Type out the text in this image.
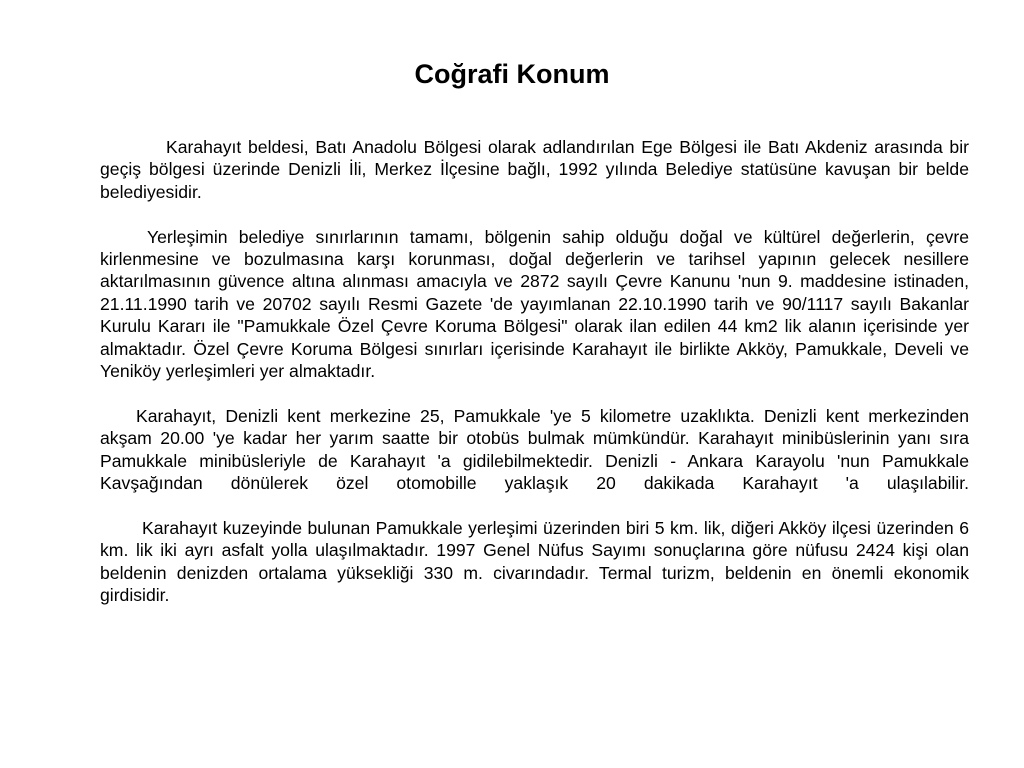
Coğrafi Konum

Karahayıt beldesi, Batı Anadolu Bölgesi olarak adlandırılan Ege Bölgesi ile Batı Akdeniz arasında bir geçiş bölgesi üzerinde Denizli İli, Merkez İlçesine bağlı, 1992 yılında Belediye statüsüne kavuşan bir belde belediyesidir.

Yerleşimin belediye sınırlarının tamamı, bölgenin sahip olduğu doğal ve kültürel değerlerin, çevre kirlenmesine ve bozulmasına karşı korunması, doğal değerlerin ve tarihsel yapının gelecek nesillere aktarılmasının güvence altına alınması amacıyla ve 2872 sayılı Çevre Kanunu 'nun 9. maddesine istinaden, 21.11.1990 tarih ve 20702 sayılı Resmi Gazete 'de yayımlanan 22.10.1990 tarih ve 90/1117 sayılı Bakanlar Kurulu Kararı ile "Pamukkale Özel Çevre Koruma Bölgesi" olarak ilan edilen 44 km2 lik alanın içerisinde yer almaktadır. Özel Çevre Koruma Bölgesi sınırları içerisinde Karahayıt ile birlikte Akköy, Pamukkale, Develi ve Yeniköy yerleşimleri yer almaktadır.

Karahayıt, Denizli kent merkezine 25, Pamukkale 'ye 5 kilometre uzaklıkta. Denizli kent merkezinden akşam 20.00 'ye kadar her yarım saatte bir otobüs bulmak mümkündür. Karahayıt minibüslerinin yanı sıra Pamukkale minibüsleriyle de Karahayıt 'a gidilebilmektedir. Denizli - Ankara Karayolu 'nun Pamukkale Kavşağından dönülerek özel otomobille yaklaşık 20 dakikada Karahayıt 'a ulaşılabilir.

Karahayıt kuzeyinde bulunan Pamukkale yerleşimi üzerinden biri 5 km. lik, diğeri Akköy ilçesi üzerinden 6 km. lik iki ayrı asfalt yolla ulaşılmaktadır. 1997 Genel Nüfus Sayımı sonuçlarına göre nüfusu 2424 kişi olan beldenin denizden ortalama yüksekliği 330 m. civarındadır. Termal turizm, beldenin en önemli ekonomik girdisidir.
